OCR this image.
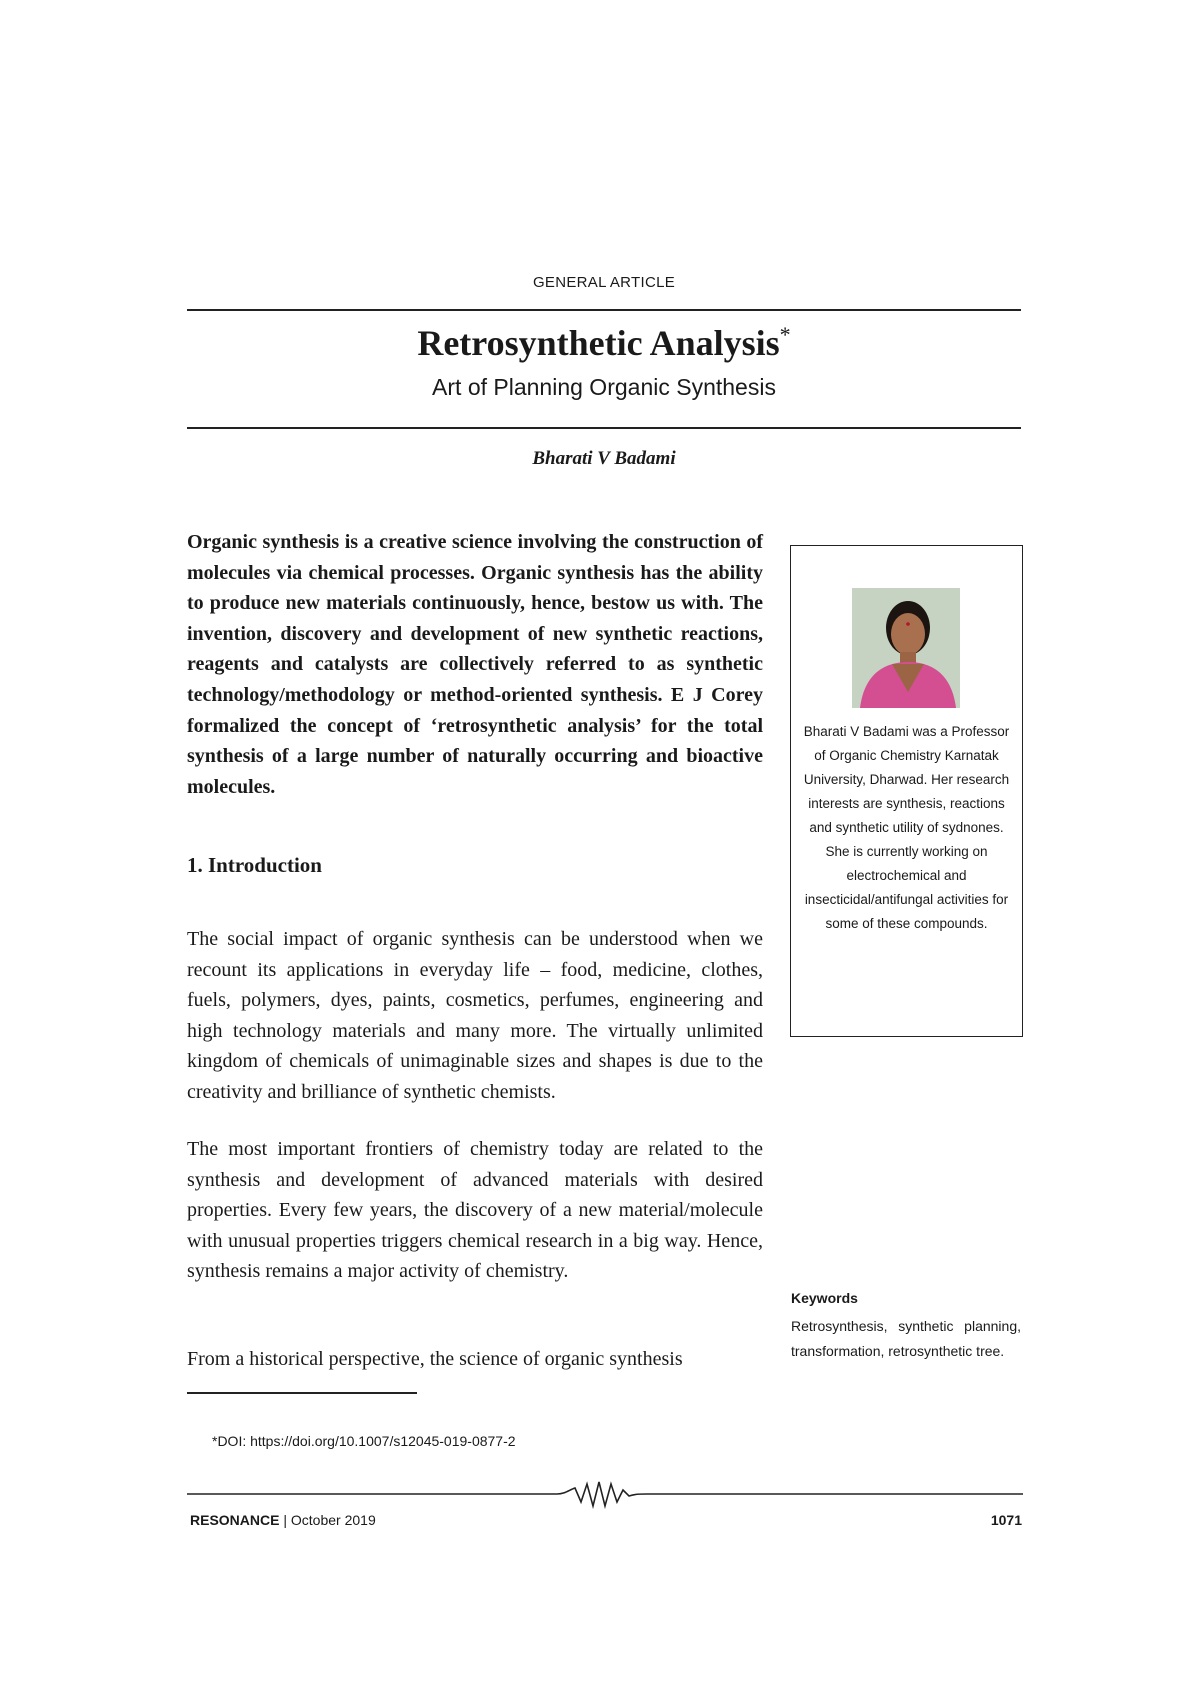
GENERAL ARTICLE
Retrosynthetic Analysis*
Art of Planning Organic Synthesis
Bharati V Badami
Organic synthesis is a creative science involving the construction of molecules via chemical processes. Organic synthesis has the ability to produce new materials continuously, hence, bestow us with. The invention, discovery and development of new synthetic reactions, reagents and catalysts are collectively referred to as synthetic technology/methodology or method-oriented synthesis. E J Corey formalized the concept of ‘retrosynthetic analysis’ for the total synthesis of a large number of naturally occurring and bioactive molecules.
1. Introduction
The social impact of organic synthesis can be understood when we recount its applications in everyday life – food, medicine, clothes, fuels, polymers, dyes, paints, cosmetics, perfumes, engineering and high technology materials and many more. The virtually unlimited kingdom of chemicals of unimaginable sizes and shapes is due to the creativity and brilliance of synthetic chemists.
The most important frontiers of chemistry today are related to the synthesis and development of advanced materials with desired properties. Every few years, the discovery of a new material/molecule with unusual properties triggers chemical research in a big way. Hence, synthesis remains a major activity of chemistry.
From a historical perspective, the science of organic synthesis
Bharati V Badami was a Professor of Organic Chemistry Karnatak University, Dharwad. Her research interests are synthesis, reactions and synthetic utility of sydnones. She is currently working on electrochemical and insecticidal/antifungal activities for some of these compounds.
Keywords
Retrosynthesis, synthetic planning, transformation, retrosynthetic tree.
*DOI: https://doi.org/10.1007/s12045-019-0877-2
RESONANCE | October 2019	1071
